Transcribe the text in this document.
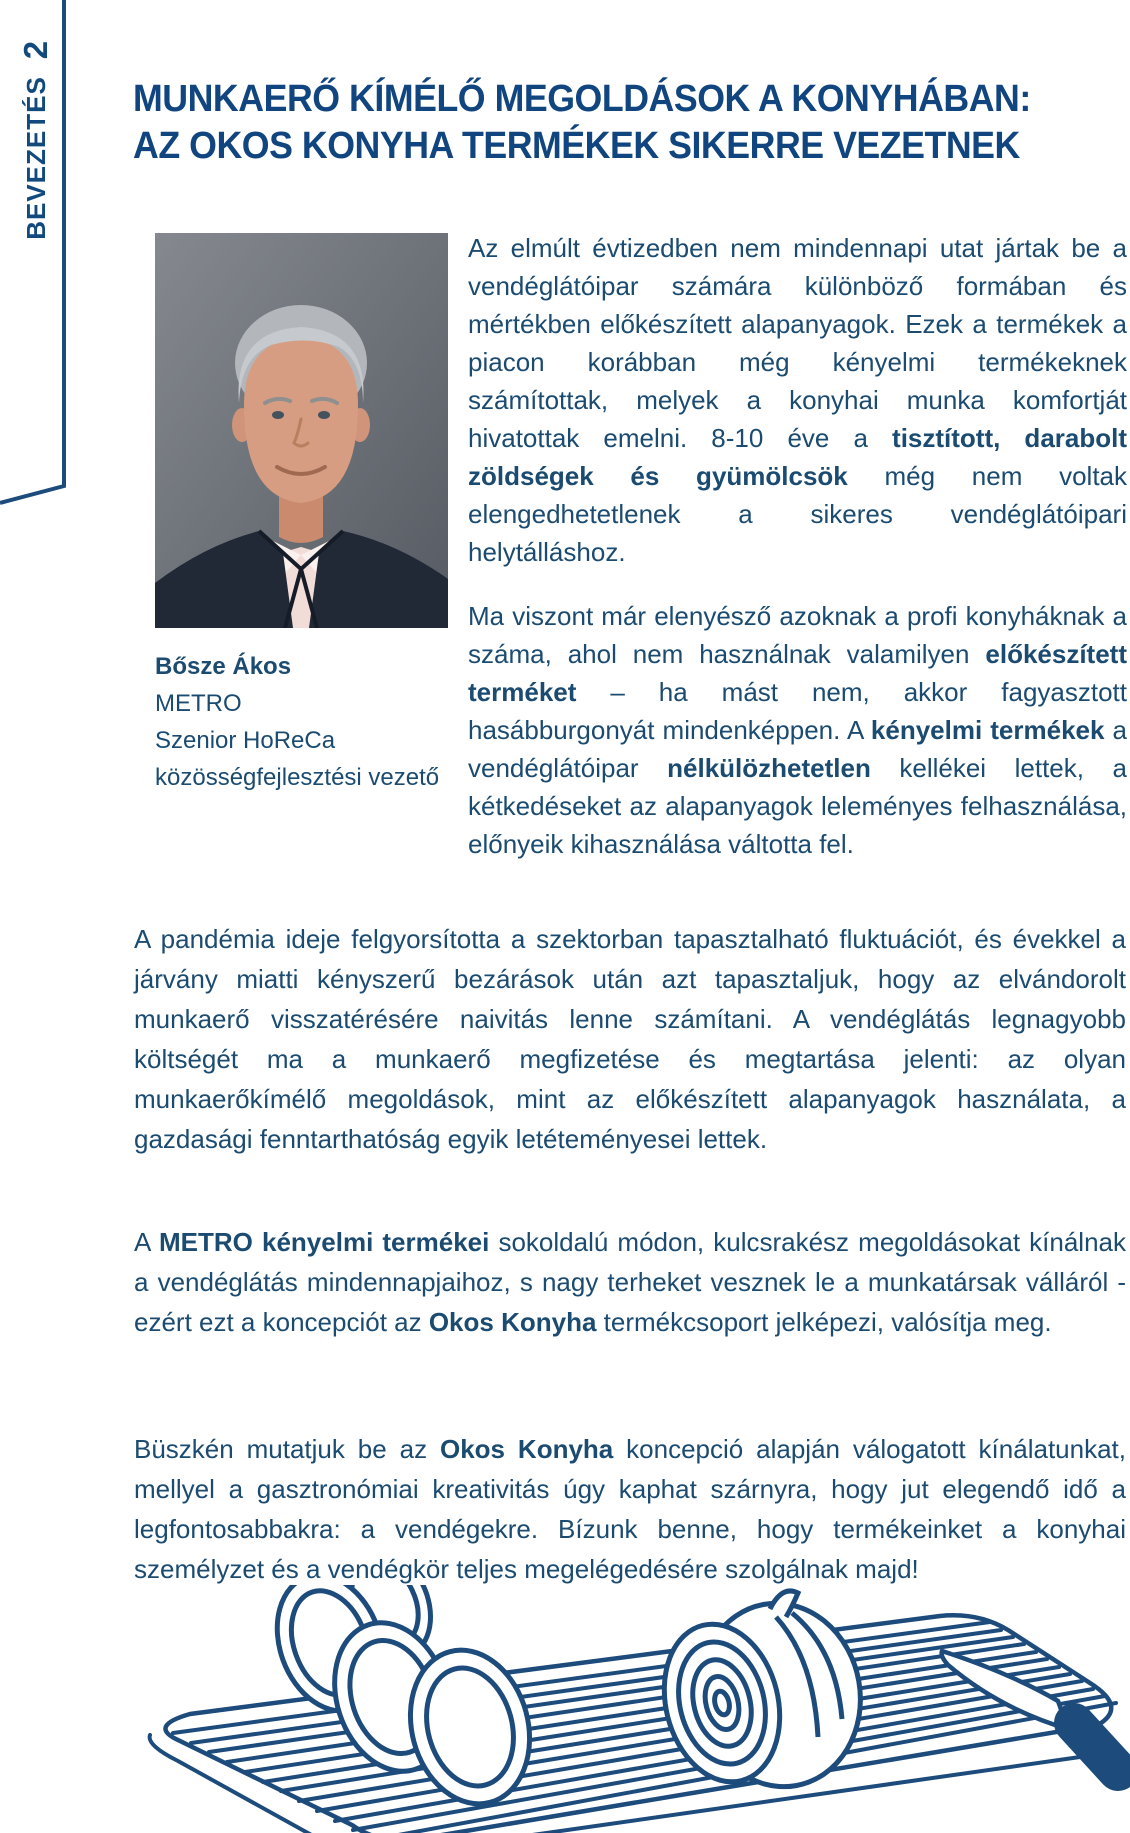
2
BEVEZETÉS MUNKAERŐ KÍMÉLŐ MEGOLDÁSOK A KONYHÁBAN:
AZ OKOS KONYHA TERMÉKEK SIKERRE VEZETNEK
Bősze Ákos
METRO
Szenior HoReCa
közösségfejlesztési vezető

Az elmúlt évtizedben nem mindennapi utat jártak be a vendéglátóipar számára különböző formában és mértékben előkészített alapanyagok. Ezek a termékek a piacon korábban még kényelmi termékeknek számítottak, melyek a konyhai munka komfortját hivatottak emelni. 8-10 éve a tisztított, darabolt zöldségek és gyümölcsök még nem voltak elengedhetetlenek a sikeres vendéglátóipari helytálláshoz.

Ma viszont már elenyésző azoknak a profi konyháknak a száma, ahol nem használnak valamilyen előkészített terméket – ha mást nem, akkor fagyasztott hasábburgonyát mindenképpen. A kényelmi termékek a vendéglátóipar nélkülözhetetlen kellékei lettek, a kétkedéseket az alapanyagok leleményes felhasználása, előnyeik kihasználása váltotta fel.

A pandémia ideje felgyorsította a szektorban tapasztalható fluktuációt, és évekkel a járvány miatti kényszerű bezárások után azt tapasztaljuk, hogy az elvándorolt munkaerő visszatérésére naivitás lenne számítani. A vendéglátás legnagyobb költségét ma a munkaerő megfizetése és megtartása jelenti: az olyan munkaerőkímélő megoldások, mint az előkészített alapanyagok használata, a gazdasági fenntarthatóság egyik letéteményesei lettek.

A METRO kényelmi termékei sokoldalú módon, kulcsrakész megoldásokat kínálnak a vendéglátás mindennapjaihoz, s nagy terheket vesznek le a munkatársak válláról - ezért ezt a koncepciót az Okos Konyha termékcsoport jelképezi, valósítja meg.

Büszkén mutatjuk be az Okos Konyha koncepció alapján válogatott kínálatunkat, mellyel a gasztronómiai kreativitás úgy kaphat szárnyra, hogy jut elegendő idő a legfontosabbakra: a vendégekre. Bízunk benne, hogy termékeinket a konyhai személyzet és a vendégkör teljes megelégedésére szolgálnak majd!
